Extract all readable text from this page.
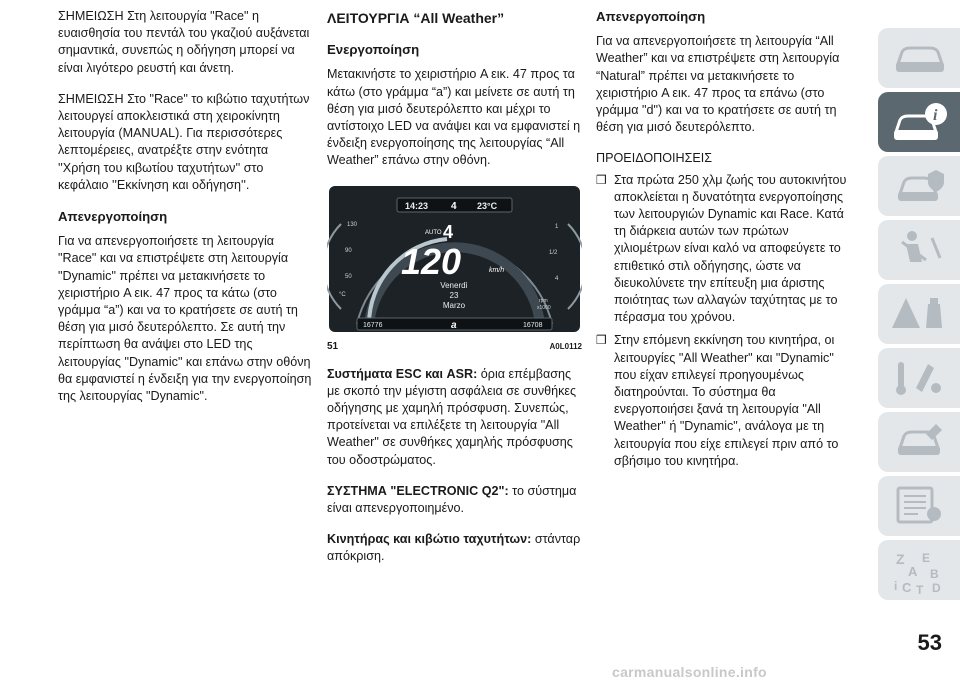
ΣΗΜΕΙΩΣΗ Στη λειτουργία "Race" η ευαισθησία του πεντάλ του γκαζιού αυξάνεται σημαντικά, συνεπώς η οδήγηση μπορεί να είναι λιγότερο ρευστή και άνετη.

ΣΗΜΕΙΩΣΗ Στο "Race" το κιβώτιο ταχυτήτων λειτουργεί αποκλειστικά στη χειροκίνητη λειτουργία (MANUAL). Για περισσότερες λεπτομέρειες, ανατρέξτε στην ενότητα ''Χρήση του κιβωτίου ταχυτήτων'' στο κεφάλαιο ''Εκκίνηση και οδήγηση''.

Απενεργοποίηση

Για να απενεργοποιήσετε τη λειτουργία "Race" και να επιστρέψετε στη λειτουργία "Dynamic" πρέπει να μετακινήσετε το χειριστήριο A εικ. 47 προς τα κάτω (στο γράμμα “a”) και να το κρατήσετε σε αυτή τη θέση για μισό δευτερόλεπτο. Σε αυτή την περίπτωση θα ανάψει στο LED της λειτουργίας "Dynamic" και επάνω στην οθόνη θα εμφανιστεί η ένδειξη για την ενεργοποίηση της λειτουργίας "Dynamic".

ΛΕΙΤΟΥΡΓΙΑ “All Weather”
Ενεργοποίηση

Μετακινήστε το χειριστήριο A εικ. 47 προς τα κάτω (στο γράμμα “a”) και μείνετε σε αυτή τη θέση για μισό δευτερόλεπτο και μέχρι το αντίστοιχο LED να ανάψει και να εμφανιστεί η ένδειξη ενεργοποίησης της λειτουργίας “All Weather” επάνω στην οθόνη.

14:23	23°C
4
130
90
50
°C
1
1/2
4
rpm
x1000
AUTO 4
120	km/h
Venerdì
23
Marzo
16776	16708
a
51	A0L0112

Συστήματα ESC και ASR: όρια επέμβασης με σκοπό την μέγιστη ασφάλεια σε συνθήκες οδήγησης με χαμηλή πρόσφυση. Συνεπώς, προτείνεται να επιλέξετε τη λειτουργία "All Weather" σε συνθήκες χαμηλής πρόσφυσης του οδοστρώματος.

ΣΥΣΤΗΜΑ "ELECTRONIC Q2": το σύστημα είναι απενεργοποιημένο.

Κινητήρας και κιβώτιο ταχυτήτων: στάνταρ απόκριση.

Απενεργοποίηση

Για να απενεργοποιήσετε τη λειτουργία “All Weather” και να επιστρέψετε στη λειτουργία “Natural” πρέπει να μετακινήσετε το χειριστήριο A εικ. 47 προς τα επάνω (στο γράμμα "d") και να το κρατήσετε σε αυτή τη θέση για μισό δευτερόλεπτο.

ΠΡΟΕΙΔΟΠΟΙΗΣΕΙΣ
❒ Στα πρώτα 250 χλμ ζωής του αυτοκινήτου αποκλείεται η δυνατότητα ενεργοποίησης των λειτουργιών Dynamic και Race. Κατά τη διάρκεια αυτών των πρώτων χιλιομέτρων είναι καλό να αποφεύγετε το επιθετικό στιλ οδήγησης, ώστε να διευκολύνετε την επίτευξη μια άριστης ποιότητας των αλλαγών ταχύτητας με το πέρασμα του χρόνου.
❒ Στην επόμενη εκκίνηση του κινητήρα, οι λειτουργίες "All Weather" και "Dynamic" που είχαν επιλεγεί προηγουμένως διατηρούνται. Το σύστημα θα ενεργοποιήσει ξανά τη λειτουργία "All Weather" ή "Dynamic", ανάλογα με τη λειτουργία που είχε επιλεγεί πριν από το σβήσιμο του κινητήρα.
i
Z E
A B
i C T D
53
carmanualsonline.info
